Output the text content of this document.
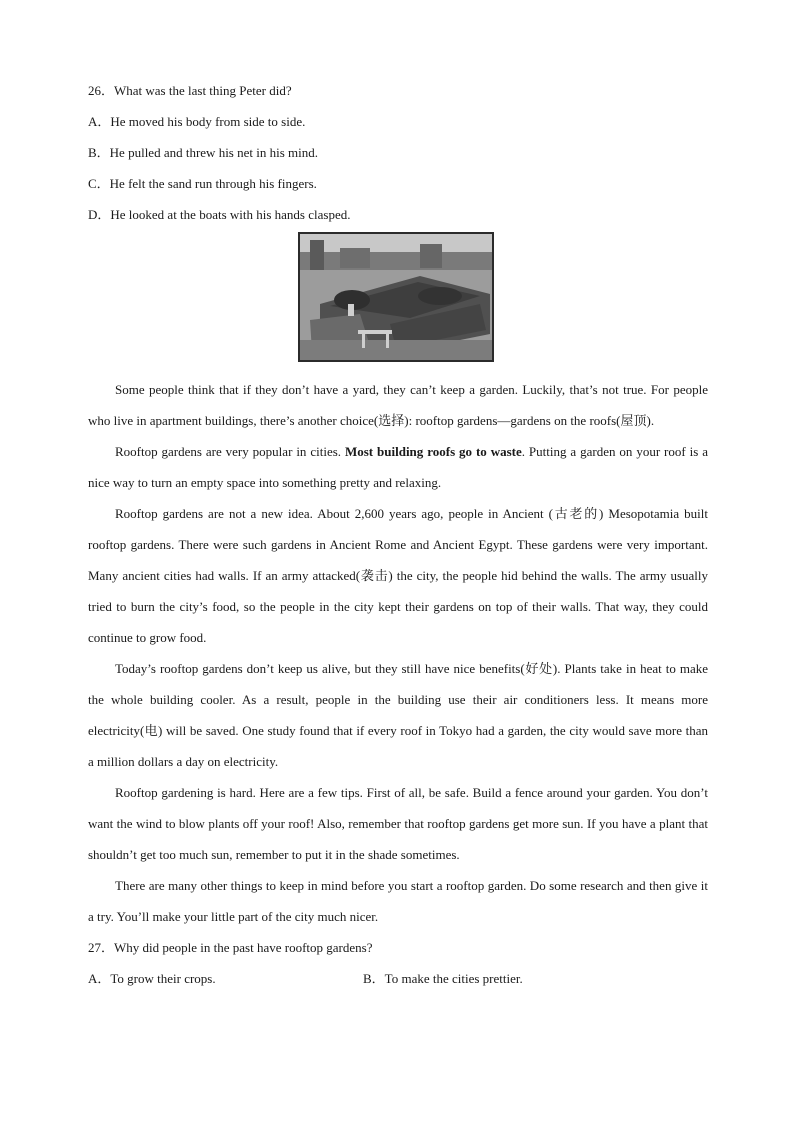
26．What was the last thing Peter did?

A．He moved his body from side to side.

B．He pulled and threw his net in his mind.

C．He felt the sand run through his fingers.

D．He looked at the boats with his hands clasped.

Some people think that if they don’t have a yard, they can’t keep a garden. Luckily, that’s not true. For people who live in apartment buildings, there’s another choice(选择): rooftop gardens—gardens on the roofs(屋顶).

Rooftop gardens are very popular in cities. Most building roofs go to waste. Putting a garden on your roof is a nice way to turn an empty space into something pretty and relaxing.

Rooftop gardens are not a new idea. About 2,600 years ago, people in Ancient (古老的) Mesopotamia built rooftop gardens. There were such gardens in Ancient Rome and Ancient Egypt. These gardens were very important. Many ancient cities had walls. If an army attacked(袭击) the city, the people hid behind the walls. The army usually tried to burn the city’s food, so the people in the city kept their gardens on top of their walls. That way, they could continue to grow food.

Today’s rooftop gardens don’t keep us alive, but they still have nice benefits(好处). Plants take in heat to make the whole building cooler. As a result, people in the building use their air conditioners less. It means more electricity(电) will be saved. One study found that if every roof in Tokyo had a garden, the city would save more than a million dollars a day on electricity.

Rooftop gardening is hard. Here are a few tips. First of all, be safe. Build a fence around your garden. You don’t want the wind to blow plants off your roof! Also, remember that rooftop gardens get more sun. If you have a plant that shouldn’t get too much sun, remember to put it in the shade sometimes.

There are many other things to keep in mind before you start a rooftop garden. Do some research and then give it a try. You’ll make your little part of the city much nicer.

27．Why did people in the past have rooftop gardens?

A．To grow their crops.	B．To make the cities prettier.
